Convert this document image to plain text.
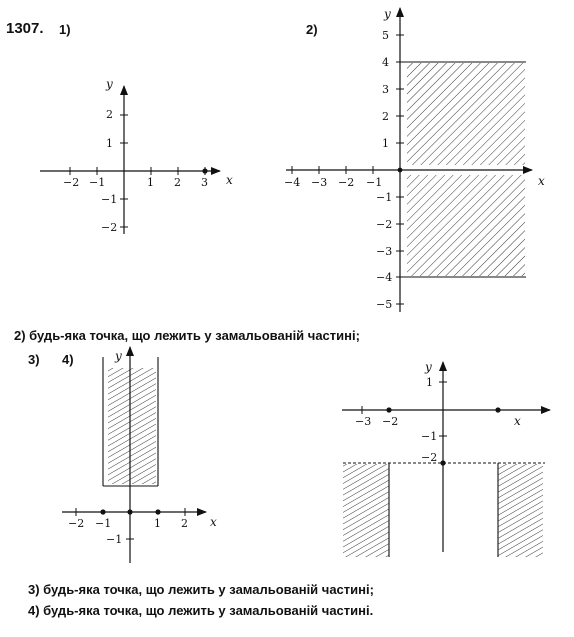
1307. 1)	2)
3) 4)
2) будь-яка точка, що лежить у замальованій частині;
3) будь-яка точка, що лежить у замальованій частині;
4) будь-яка точка, що лежить у замальованій частині.
−2 −1	1 2 3
2
1
−1
−2
x
y
−4 −3 −2 −1
5
4
3
2
1
−1
−2
−3
−4
−5
x
y
−2 −1	1 2
−1
x
y
−3 −2
1
−1
−2
x
y
